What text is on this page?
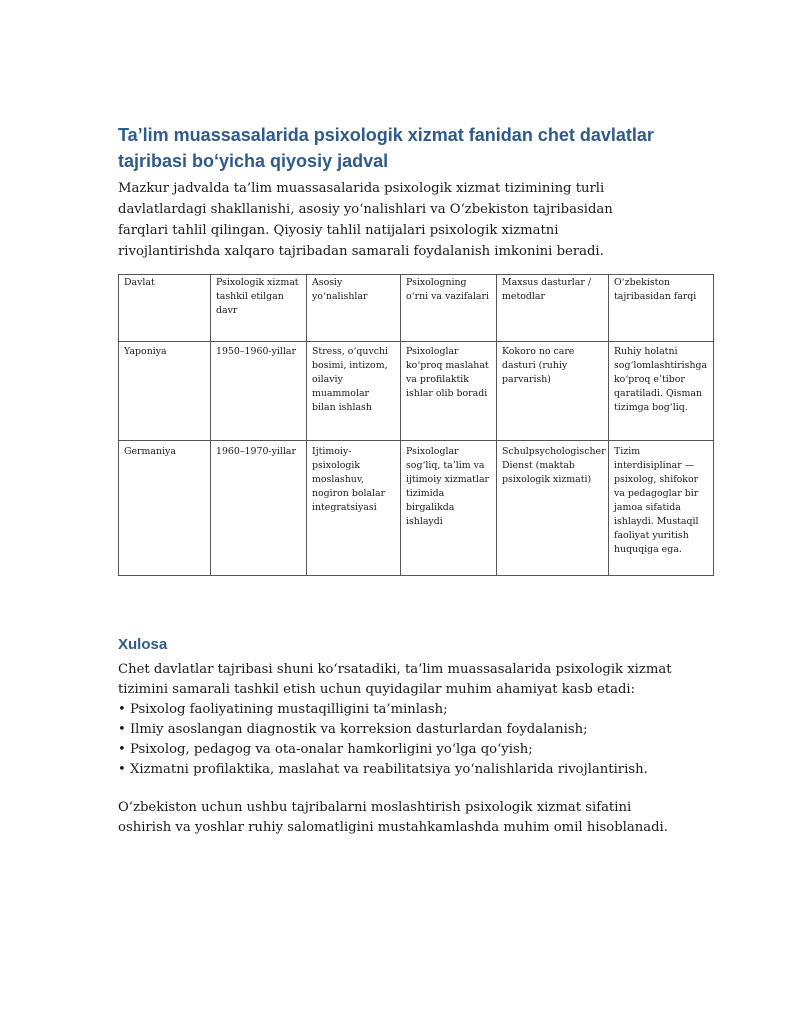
Ta’lim muassasalarida psixologik xizmat fanidan chet davlatlar tajribasi bo‘yicha qiyosiy jadval

Mazkur jadvalda ta’lim muassasalarida psixologik xizmat tizimining turli davlatlardagi shakllanishi, asosiy yo‘nalishlari va O‘zbekiston tajribasidan farqlari tahlil qilingan. Qiyosiy tahlil natijalari psixologik xizmatni rivojlantirishda xalqaro tajribadan samarali foydalanish imkonini beradi.

Davlat	Psixologik xizmat tashkil etilgan davr	Asosiy yo‘nalishlar	Psixologning o‘rni va vazifalari	Maxsus dasturlar / metodlar	O‘zbekiston tajribasidan farqi
Yaponiya	1950–1960-yillar	Stress, o‘quvchi bosimi, intizom, oilaviy muammolar bilan ishlash	Psixologlar ko‘proq maslahat va profilaktik ishlar olib boradi	Kokoro no care dasturi (ruhiy parvarish)	Ruhiy holatni sog‘lomlashtirishga ko‘proq e’tibor qaratiladi. Qisman tizimga bog‘liq.
Germaniya	1960–1970-yillar	Ijtimoiy-psixologik moslashuv, nogiron bolalar integratsiyasi	Psixologlar sog‘liq, ta’lim va ijtimoiy xizmatlar tizimida birgalikda ishlaydi	Schulpsychologischer Dienst (maktab psixologik xizmati)	Tizim interdisiplinar — psixolog, shifokor va pedagoglar bir jamoa sifatida ishlaydi. Mustaqil faoliyat yuritish huquqiga ega.
Xulosa

Chet davlatlar tajribasi shuni ko‘rsatadiki, ta’lim muassasalarida psixologik xizmat tizimini samarali tashkil etish uchun quyidagilar muhim ahamiyat kasb etadi:

• Psixolog faoliyatining mustaqilligini ta’minlash;
• Ilmiy asoslangan diagnostik va korreksion dasturlardan foydalanish;
• Psixolog, pedagog va ota-onalar hamkorligini yo‘lga qo‘yish;
• Xizmatni profilaktika, maslahat va reabilitatsiya yo‘nalishlarida rivojlantirish.

O‘zbekiston uchun ushbu tajribalarni moslashtirish psixologik xizmat sifatini oshirish va yoshlar ruhiy salomatligini mustahkamlashda muhim omil hisoblanadi.
